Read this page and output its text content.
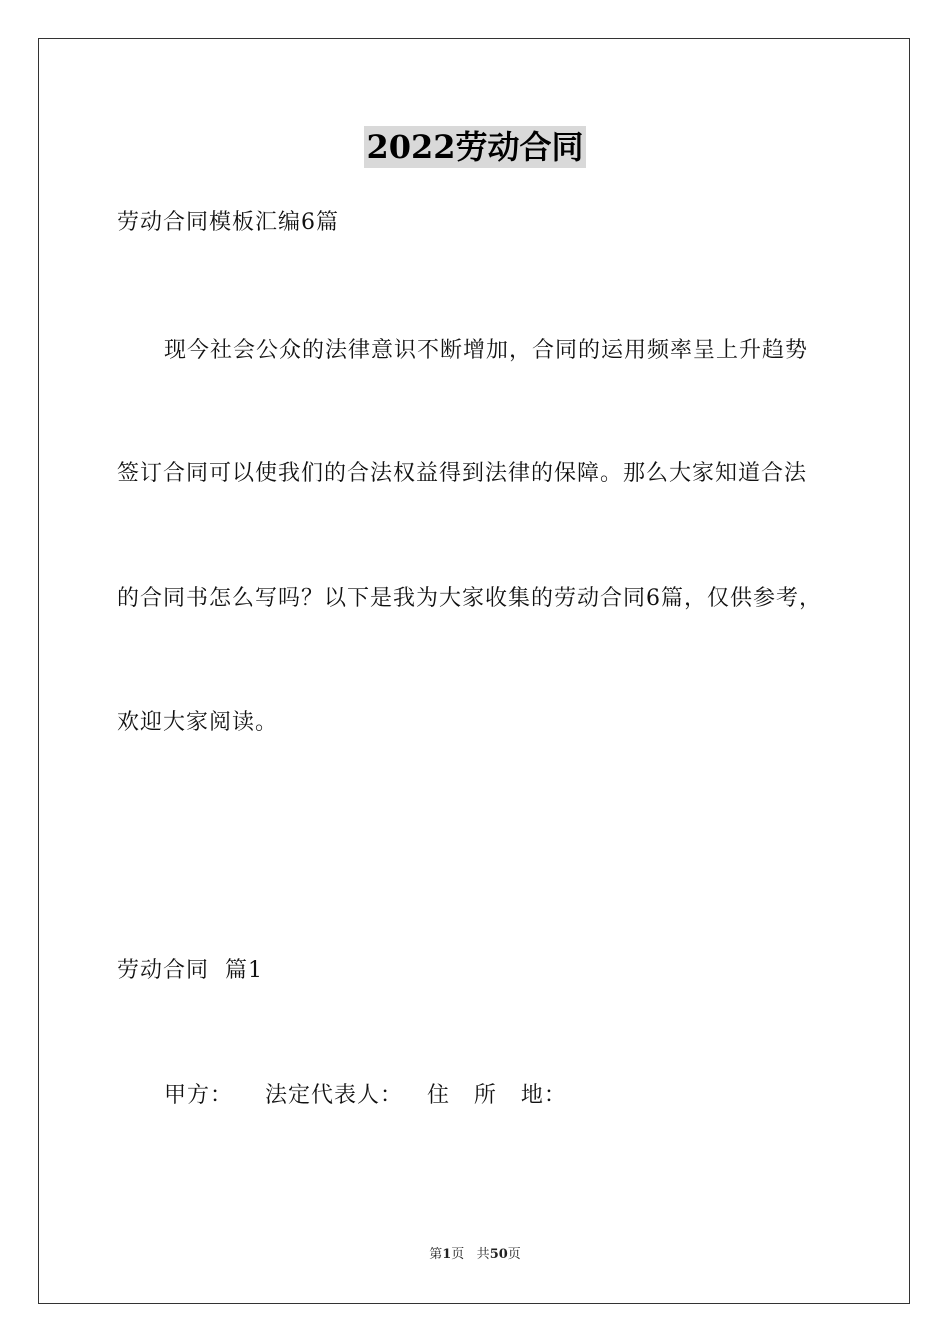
2022劳动合同
劳动合同模板汇编6篇
现今社会公众的法律意识不断增加，合同的运用频率呈上升趋势
签订合同可以使我们的合法权益得到法律的保障。那么大家知道合法
的合同书怎么写吗？以下是我为大家收集的劳动合同6篇，仅供参考，
欢迎大家阅读。
劳动合同  篇1
甲方：    法定代表人：   住   所   地：
第1页 共50页
